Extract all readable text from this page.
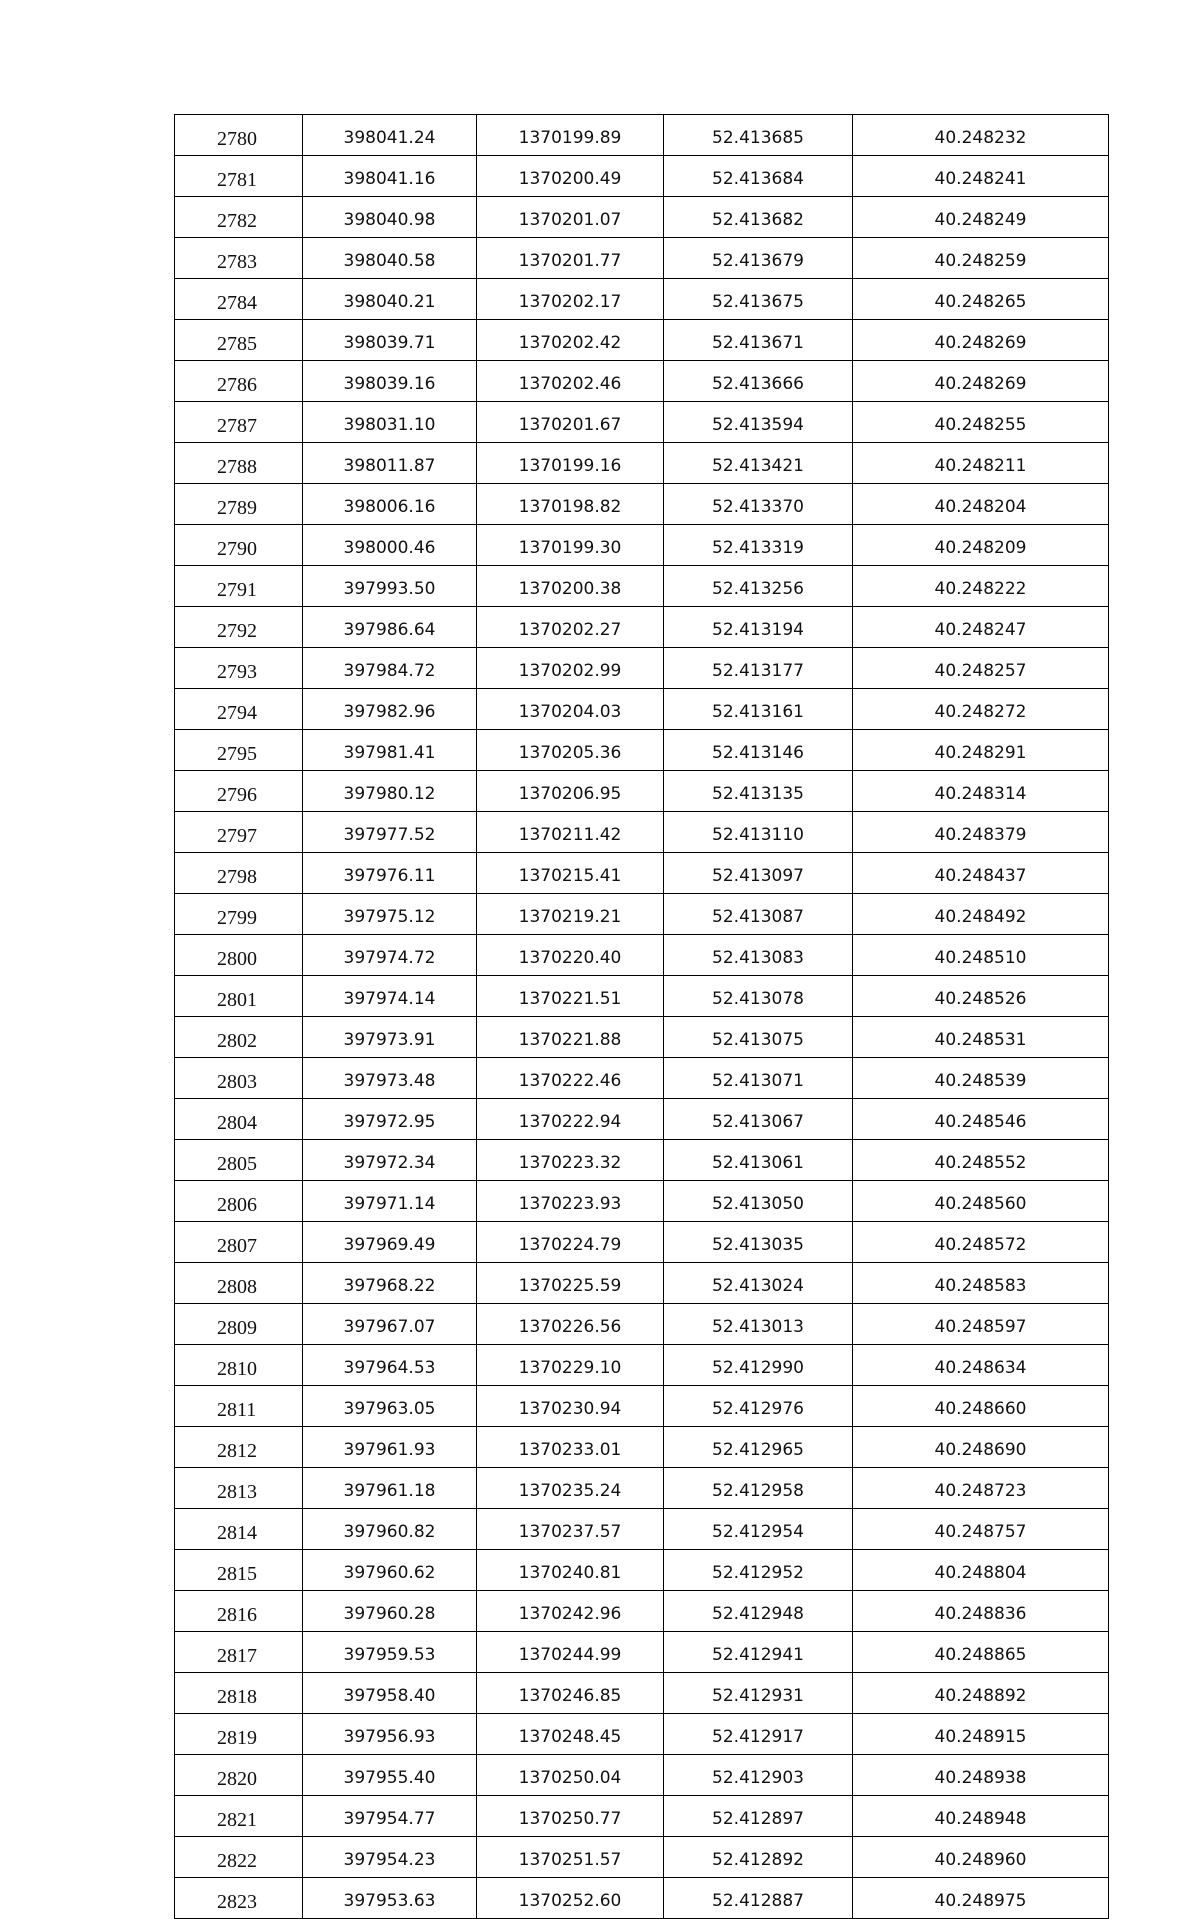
2780	398041.24	1370199.89	52.413685	40.248232
2781	398041.16	1370200.49	52.413684	40.248241
2782	398040.98	1370201.07	52.413682	40.248249
2783	398040.58	1370201.77	52.413679	40.248259
2784	398040.21	1370202.17	52.413675	40.248265
2785	398039.71	1370202.42	52.413671	40.248269
2786	398039.16	1370202.46	52.413666	40.248269
2787	398031.10	1370201.67	52.413594	40.248255
2788	398011.87	1370199.16	52.413421	40.248211
2789	398006.16	1370198.82	52.413370	40.248204
2790	398000.46	1370199.30	52.413319	40.248209
2791	397993.50	1370200.38	52.413256	40.248222
2792	397986.64	1370202.27	52.413194	40.248247
2793	397984.72	1370202.99	52.413177	40.248257
2794	397982.96	1370204.03	52.413161	40.248272
2795	397981.41	1370205.36	52.413146	40.248291
2796	397980.12	1370206.95	52.413135	40.248314
2797	397977.52	1370211.42	52.413110	40.248379
2798	397976.11	1370215.41	52.413097	40.248437
2799	397975.12	1370219.21	52.413087	40.248492
2800	397974.72	1370220.40	52.413083	40.248510
2801	397974.14	1370221.51	52.413078	40.248526
2802	397973.91	1370221.88	52.413075	40.248531
2803	397973.48	1370222.46	52.413071	40.248539
2804	397972.95	1370222.94	52.413067	40.248546
2805	397972.34	1370223.32	52.413061	40.248552
2806	397971.14	1370223.93	52.413050	40.248560
2807	397969.49	1370224.79	52.413035	40.248572
2808	397968.22	1370225.59	52.413024	40.248583
2809	397967.07	1370226.56	52.413013	40.248597
2810	397964.53	1370229.10	52.412990	40.248634
2811	397963.05	1370230.94	52.412976	40.248660
2812	397961.93	1370233.01	52.412965	40.248690
2813	397961.18	1370235.24	52.412958	40.248723
2814	397960.82	1370237.57	52.412954	40.248757
2815	397960.62	1370240.81	52.412952	40.248804
2816	397960.28	1370242.96	52.412948	40.248836
2817	397959.53	1370244.99	52.412941	40.248865
2818	397958.40	1370246.85	52.412931	40.248892
2819	397956.93	1370248.45	52.412917	40.248915
2820	397955.40	1370250.04	52.412903	40.248938
2821	397954.77	1370250.77	52.412897	40.248948
2822	397954.23	1370251.57	52.412892	40.248960
2823	397953.63	1370252.60	52.412887	40.248975
